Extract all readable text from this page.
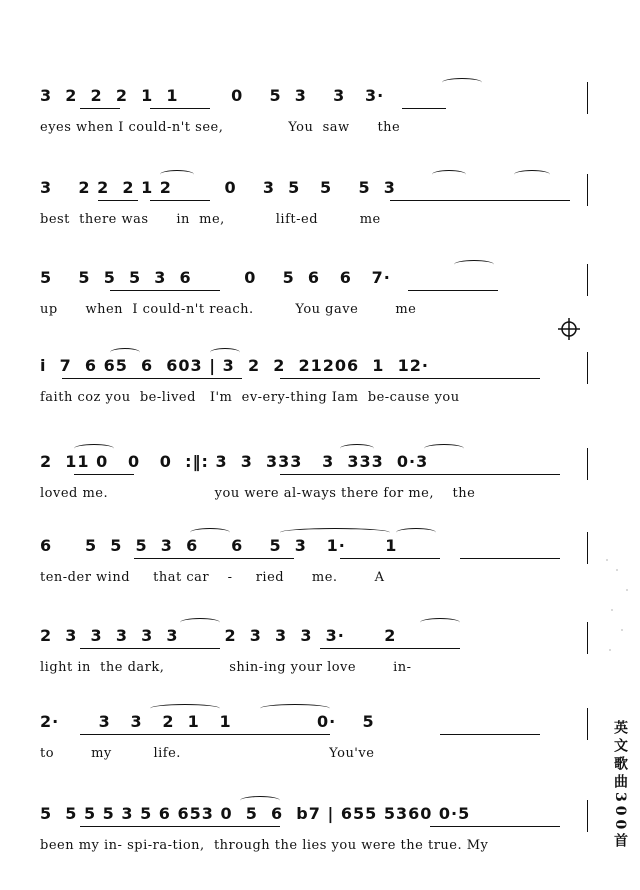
3  2  2  2  1  1        0    5  3    3   3·
eyes when I could-n't see,              You  saw      the
3    2 2  2 1 2        0    3  5   5    5  3
best  there was      in  me,           lift-ed         me
5    5  5  5  3  6        0    5  6   6   7·
up      when  I could-n't reach.         You gave        me
i  7  6 65  6  603 | 3  2  2  21206  1  12·
faith coz you  be-lived   I'm  ev-ery-thing Iam  be-cause you
2  11 0   0   0  :‖: 3  3  333   3  333  0·3
loved me.                       you were al-ways there for me,    the
6     5  5  5  3  6     6    5  3   1·      1
ten-der wind     that car    -     ried      me.        A
2  3  3  3  3  3       2  3  3  3  3·      2
light in  the dark,              shin-ing your love        in-
2·      3   3   2  1   1             0·    5
to        my         life.                                You've
5  5 5 5 3 5 6 653 0  5  6  b7 | 655 5360 0·5
been my in- spi-ra-tion,  through the lies you were the true. My	英文歌曲300首
